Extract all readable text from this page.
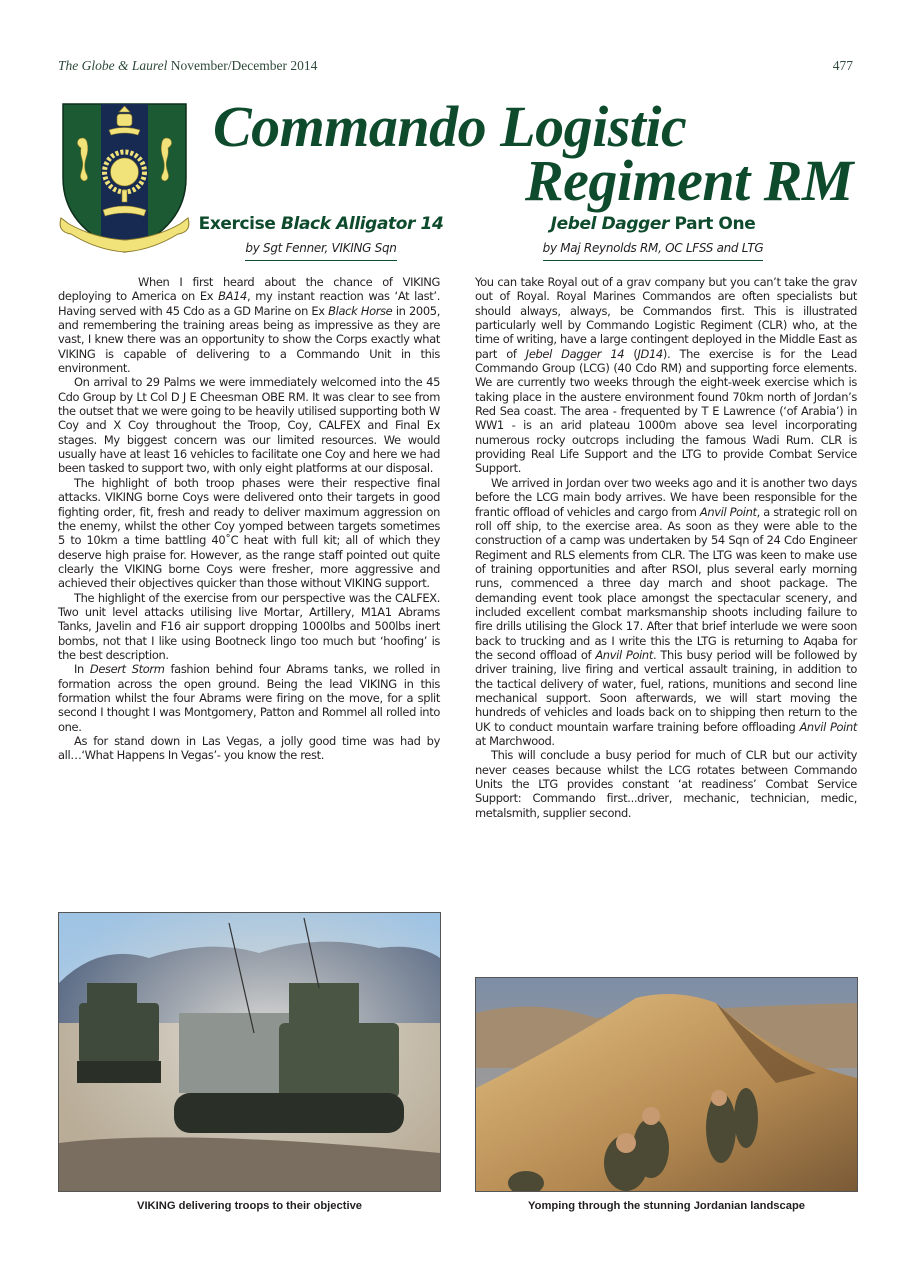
The Globe & Laurel November/December 2014	477
Commando Logistic
Regiment RM
Exercise Black Alligator 14
by Sgt Fenner, VIKING Sqn
Jebel Dagger Part One
by Maj Reynolds RM, OC LFSS and LTG

When I first heard about the chance of VIKING deploying to America on Ex BA14, my instant reaction was ‘At last’. Having served with 45 Cdo as a GD Marine on Ex Black Horse in 2005, and remembering the training areas being as impressive as they are vast, I knew there was an opportunity to show the Corps exactly what VIKING is capable of delivering to a Commando Unit in this environment.

On arrival to 29 Palms we were immediately welcomed into the 45 Cdo Group by Lt Col D J E Cheesman OBE RM. It was clear to see from the outset that we were going to be heavily utilised supporting both W Coy and X Coy throughout the Troop, Coy, CALFEX and Final Ex stages. My biggest concern was our limited resources. We would usually have at least 16 vehicles to facilitate one Coy and here we had been tasked to support two, with only eight platforms at our disposal.

The highlight of both troop phases were their respective final attacks. VIKING borne Coys were delivered onto their targets in good fighting order, fit, fresh and ready to deliver maximum aggression on the enemy, whilst the other Coy yomped between targets sometimes 5 to 10km a time battling 40˚C heat with full kit; all of which they deserve high praise for. However, as the range staff pointed out quite clearly the VIKING borne Coys were fresher, more aggressive and achieved their objectives quicker than those without VIKING support.

The highlight of the exercise from our perspective was the CALFEX. Two unit level attacks utilising live Mortar, Artillery, M1A1 Abrams Tanks, Javelin and F16 air support dropping 1000lbs and 500lbs inert bombs, not that I like using Bootneck lingo too much but ‘hoofing’ is the best description.

In Desert Storm fashion behind four Abrams tanks, we rolled in formation across the open ground. Being the lead VIKING in this formation whilst the four Abrams were firing on the move, for a split second I thought I was Montgomery, Patton and Rommel all rolled into one.

As for stand down in Las Vegas, a jolly good time was had by all…‘What Happens In Vegas’- you know the rest.

You can take Royal out of a grav company but you can’t take the grav out of Royal. Royal Marines Commandos are often specialists but should always, always, be Commandos first. This is illustrated particularly well by Commando Logistic Regiment (CLR) who, at the time of writing, have a large contingent deployed in the Middle East as part of Jebel Dagger 14 (JD14). The exercise is for the Lead Commando Group (LCG) (40 Cdo RM) and supporting force elements. We are currently two weeks through the eight-week exercise which is taking place in the austere environment found 70km north of Jordan’s Red Sea coast. The area - frequented by T E Lawrence (‘of Arabia’) in WW1 - is an arid plateau 1000m above sea level incorporating numerous rocky outcrops including the famous Wadi Rum. CLR is providing Real Life Support and the LTG to provide Combat Service Support.

We arrived in Jordan over two weeks ago and it is another two days before the LCG main body arrives. We have been responsible for the frantic offload of vehicles and cargo from Anvil Point, a strategic roll on roll off ship, to the exercise area. As soon as they were able to the construction of a camp was undertaken by 54 Sqn of 24 Cdo Engineer Regiment and RLS elements from CLR. The LTG was keen to make use of training opportunities and after RSOI, plus several early morning runs, commenced a three day march and shoot package. The demanding event took place amongst the spectacular scenery, and included excellent combat marksmanship shoots including failure to fire drills utilising the Glock 17. After that brief interlude we were soon back to trucking and as I write this the LTG is returning to Aqaba for the second offload of Anvil Point. This busy period will be followed by driver training, live firing and vertical assault training, in addition to the tactical delivery of water, fuel, rations, munitions and second line mechanical support. Soon afterwards, we will start moving the hundreds of vehicles and loads back on to shipping then return to the UK to conduct mountain warfare training before offloading Anvil Point at Marchwood.

This will conclude a busy period for much of CLR but our activity never ceases because whilst the LCG rotates between Commando Units the LTG provides constant ‘at readiness’ Combat Service Support: Commando first...driver, mechanic, technician, medic, metalsmith, supplier second.

VIKING delivering troops to their objective	Yomping through the stunning Jordanian landscape
